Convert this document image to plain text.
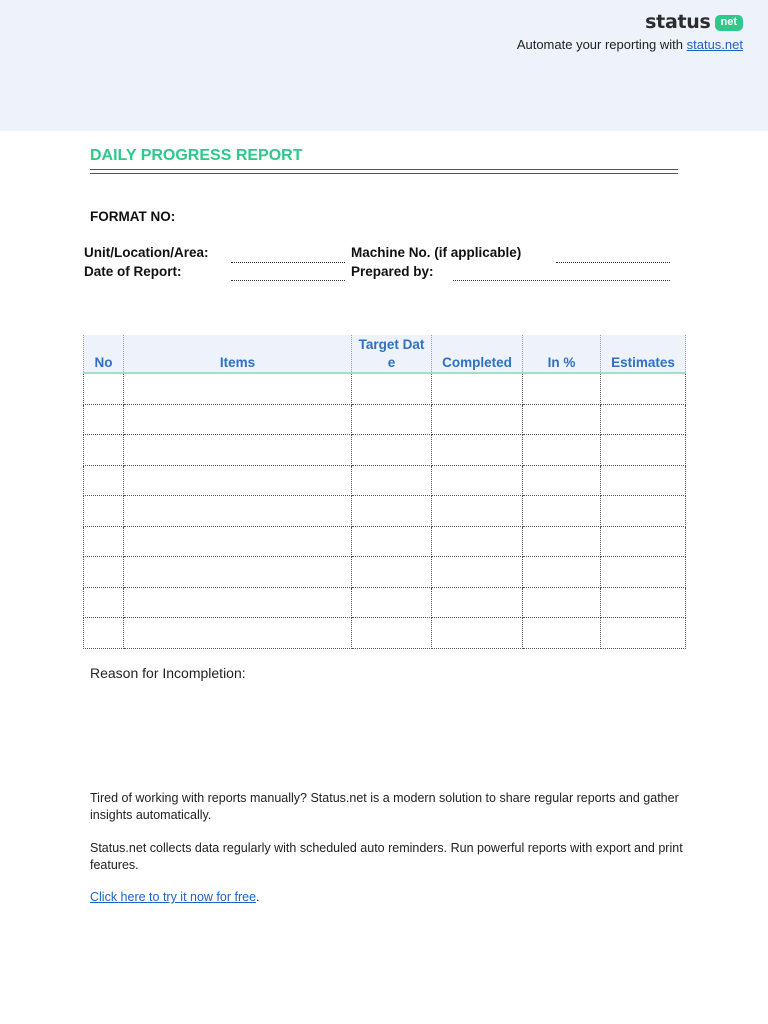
status net
Automate your reporting with status.net
DAILY PROGRESS REPORT
FORMAT NO:
Unit/Location/Area:
Date of Report:
Machine No. (if applicable)
Prepared by:
No	Items	Target Date	Completed	In %	Estimates

Reason for Incompletion:

Tired of working with reports manually? Status.net is a modern solution to share regular reports and gather insights automatically.

Status.net collects data regularly with scheduled auto reminders. Run powerful reports with export and print features.

Click here to try it now for free.
